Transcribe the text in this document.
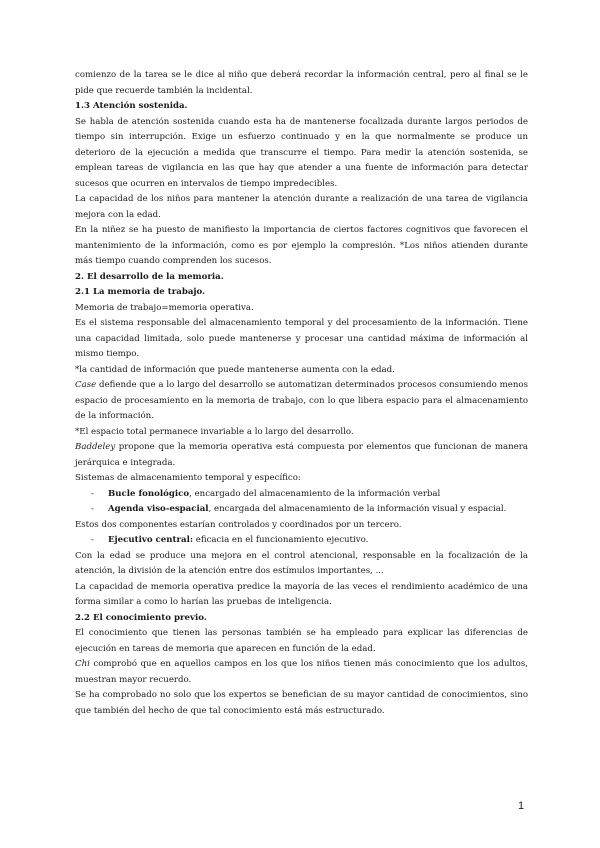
comienzo de la tarea se le dice al niño que deberá recordar la información central, pero al final se le pide que recuerde también la incidental.

1.3 Atención sostenida.

Se habla de atención sostenida cuando esta ha de mantenerse focalizada durante largos periodos de tiempo sin interrupción. Exige un esfuerzo continuado y en la que normalmente se produce un deterioro de la ejecución a medida que transcurre el tiempo. Para medir la atención sostenida, se emplean tareas de vigilancia en las que hay que atender a una fuente de información para detectar sucesos que ocurren en intervalos de tiempo impredecibles.

La capacidad de los niños para mantener la atención durante a realización de una tarea de vigilancia mejora con la edad.

En la niñez se ha puesto de manifiesto la importancia de ciertos factores cognitivos que favorecen el mantenimiento de la información, como es por ejemplo la compresión. *Los niños atienden durante más tiempo cuando comprenden los sucesos.

2. El desarrollo de la memoria.

2.1 La memoria de trabajo.

Memoria de trabajo=memoria operativa.

Es el sistema responsable del almacenamiento temporal y del procesamiento de la información. Tiene una capacidad limitada, solo puede mantenerse y procesar una cantidad máxima de información al mismo tiempo.

*la cantidad de información que puede mantenerse aumenta con la edad.

Case defiende que a lo largo del desarrollo se automatizan determinados procesos consumiendo menos espacio de procesamiento en la memoria de trabajo, con lo que libera espacio para el almacenamiento de la información.

*El espacio total permanece invariable a lo largo del desarrollo.

Baddeley propone que la memoria operativa está compuesta por elementos que funcionan de manera jerárquica e integrada.

Sistemas de almacenamiento temporal y específico:

- Bucle fonológico, encargado del almacenamiento de la información verbal
- Agenda viso-espacial, encargada del almacenamiento de la información visual y espacial.

Estos dos componentes estarían controlados y coordinados por un tercero.

- Ejecutivo central: eficacia en el funcionamiento ejecutivo.

Con la edad se produce una mejora en el control atencional, responsable en la focalización de la atención, la división de la atención entre dos estímulos importantes, ...

La capacidad de memoria operativa predice la mayoría de las veces el rendimiento académico de una forma similar a como lo harían las pruebas de inteligencia.

2.2 El conocimiento previo.

El conocimiento que tienen las personas también se ha empleado para explicar las diferencias de ejecución en tareas de memoria que aparecen en función de la edad.

Chi comprobó que en aquellos campos en los que los niños tienen más conocimiento que los adultos, muestran mayor recuerdo.

Se ha comprobado no solo que los expertos se benefician de su mayor cantidad de conocimientos, sino que también del hecho de que tal conocimiento está más estructurado.

1
